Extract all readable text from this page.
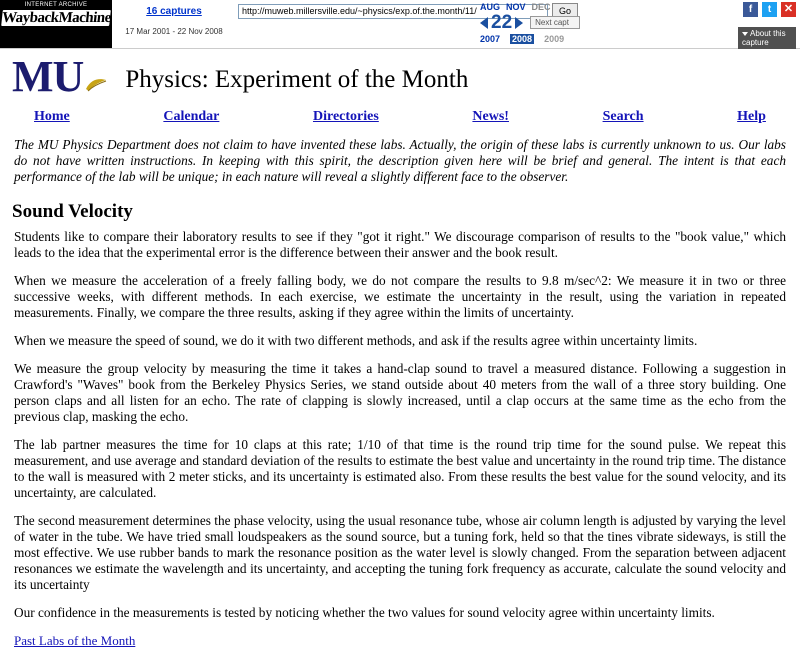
INTERNET ARCHIVE
WaybackMachine	16 captures
17 Mar 2001 - 22 Nov 2008
http://muweb.millersville.edu/~physics/exp.of.the.month/11/
Go
AUG NOV DEC
22	Next capt
2007 2008 2009
f	t	✕
About this capture
MU	Physics: Experiment of the Month
Home	Calendar	Directories	News!	Search	Help
The MU Physics Department does not claim to have invented these labs. Actually, the origin of these labs is currently unknown to us. Our labs do not have written instructions. In keeping with this spirit, the description given here will be brief and general. The intent is that each performance of the lab will be unique; in each nature will reveal a slightly different face to the observer.
Sound Velocity

Students like to compare their laboratory results to see if they "got it right." We discourage comparison of results to the "book value," which leads to the idea that the experimental error is the difference between their answer and the book result.

When we measure the acceleration of a freely falling body, we do not compare the results to 9.8 m/sec^2: We measure it in two or three successive weeks, with different methods. In each exercise, we estimate the uncertainty in the result, using the variation in repeated measurements. Finally, we compare the three results, asking if they agree within the limits of uncertainty.

When we measure the speed of sound, we do it with two different methods, and ask if the results agree within uncertainty limits.

We measure the group velocity by measuring the time it takes a hand-clap sound to travel a measured distance. Following a suggestion in Crawford's "Waves" book from the Berkeley Physics Series, we stand outside about 40 meters from the wall of a three story building. One person claps and all listen for an echo. The rate of clapping is slowly increased, until a clap occurs at the same time as the echo from the previous clap, masking the echo.

The lab partner measures the time for 10 claps at this rate; 1/10 of that time is the round trip time for the sound pulse. We repeat this measurement, and use average and standard deviation of the results to estimate the best value and uncertainty in the round trip time. The distance to the wall is measured with 2 meter sticks, and its uncertainty is estimated also. From these results the best value for the sound velocity, and its uncertainty, are calculated.

The second measurement determines the phase velocity, using the usual resonance tube, whose air column length is adjusted by varying the level of water in the tube. We have tried small loudspeakers as the sound source, but a tuning fork, held so that the tines vibrate sideways, is still the most effective. We use rubber bands to mark the resonance position as the water level is slowly changed. From the separation between adjacent resonances we estimate the wavelength and its uncertainty, and accepting the tuning fork frequency as accurate, calculate the sound velocity and its uncertainty

Our confidence in the measurements is tested by noticing whether the two values for sound velocity agree within uncertainty limits.

Past Labs of the Month
